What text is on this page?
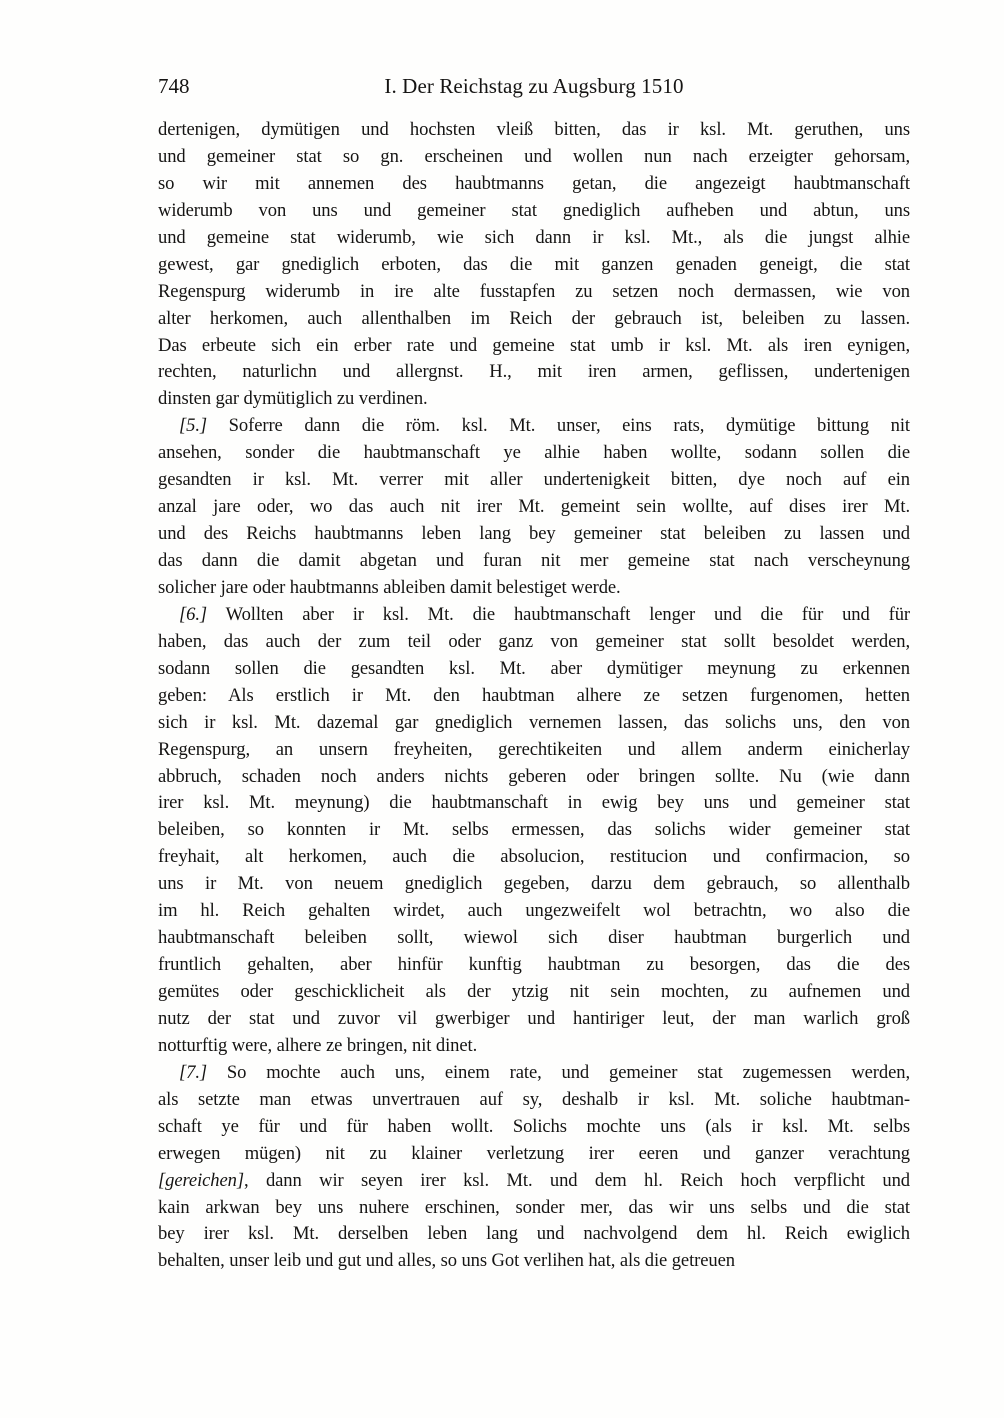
748	I. Der Reichstag zu Augsburg 1510
dertenigen, dymütigen und hochsten vleiß bitten, das ir ksl. Mt. geruthen, uns
und gemeiner stat so gn. erscheinen und wollen nun nach erzeigter gehorsam,
so wir mit annemen des haubtmanns getan, die angezeigt haubtmanschaft
widerumb von uns und gemeiner stat gnediglich aufheben und abtun, uns
und gemeine stat widerumb, wie sich dann ir ksl. Mt., als die jungst alhie
gewest, gar gnediglich erboten, das die mit ganzen genaden geneigt, die stat
Regenspurg widerumb in ire alte fusstapfen zu setzen noch dermassen, wie von
alter herkomen, auch allenthalben im Reich der gebrauch ist, beleiben zu lassen.
Das erbeute sich ein erber rate und gemeine stat umb ir ksl. Mt. als iren eynigen,
rechten, naturlichn und allergnst. H., mit iren armen, geflissen, undertenigen
dinsten gar dymütiglich zu verdinen.
[5.] Soferre dann die röm. ksl. Mt. unser, eins rats, dymütige bittung nit
ansehen, sonder die haubtmanschaft ye alhie haben wollte, sodann sollen die
gesandten ir ksl. Mt. verrer mit aller undertenigkeit bitten, dye noch auf ein
anzal jare oder, wo das auch nit irer Mt. gemeint sein wollte, auf dises irer Mt.
und des Reichs haubtmanns leben lang bey gemeiner stat beleiben zu lassen und
das dann die damit abgetan und furan nit mer gemeine stat nach verscheynung
solicher jare oder haubtmanns ableiben damit belestiget werde.
[6.] Wollten aber ir ksl. Mt. die haubtmanschaft lenger und die für und für
haben, das auch der zum teil oder ganz von gemeiner stat sollt besoldet werden,
sodann sollen die gesandten ksl. Mt. aber dymütiger meynung zu erkennen
geben: Als erstlich ir Mt. den haubtman alhere ze setzen furgenomen, hetten
sich ir ksl. Mt. dazemal gar gnediglich vernemen lassen, das solichs uns, den von
Regenspurg, an unsern freyheiten, gerechtikeiten und allem anderm einicherlay
abbruch, schaden noch anders nichts geberen oder bringen sollte. Nu (wie dann
irer ksl. Mt. meynung) die haubtmanschaft in ewig bey uns und gemeiner stat
beleiben, so konnten ir Mt. selbs ermessen, das solichs wider gemeiner stat
freyhait, alt herkomen, auch die absolucion, restitucion und confirmacion, so
uns ir Mt. von neuem gnediglich gegeben, darzu dem gebrauch, so allenthalb
im hl. Reich gehalten wirdet, auch ungezweifelt wol betrachtn, wo also die
haubtmanschaft beleiben sollt, wiewol sich diser haubtman burgerlich und
fruntlich gehalten, aber hinfür kunftig haubtman zu besorgen, das die des
gemütes oder geschicklicheit als der ytzig nit sein mochten, zu aufnemen und
nutz der stat und zuvor vil gwerbiger und hantiriger leut, der man warlich groß
notturftig were, alhere ze bringen, nit dinet.
[7.] So mochte auch uns, einem rate, und gemeiner stat zugemessen werden,
als setzte man etwas unvertrauen auf sy, deshalb ir ksl. Mt. soliche haubtman-
schaft ye für und für haben wollt. Solichs mochte uns (als ir ksl. Mt. selbs
erwegen mügen) nit zu klainer verletzung irer eeren und ganzer verachtung
[gereichen], dann wir seyen irer ksl. Mt. und dem hl. Reich hoch verpflicht und
kain arkwan bey uns nuhere erschinen, sonder mer, das wir uns selbs und die stat
bey irer ksl. Mt. derselben leben lang und nachvolgend dem hl. Reich ewiglich
behalten, unser leib und gut und alles, so uns Got verlihen hat, als die getreuen
